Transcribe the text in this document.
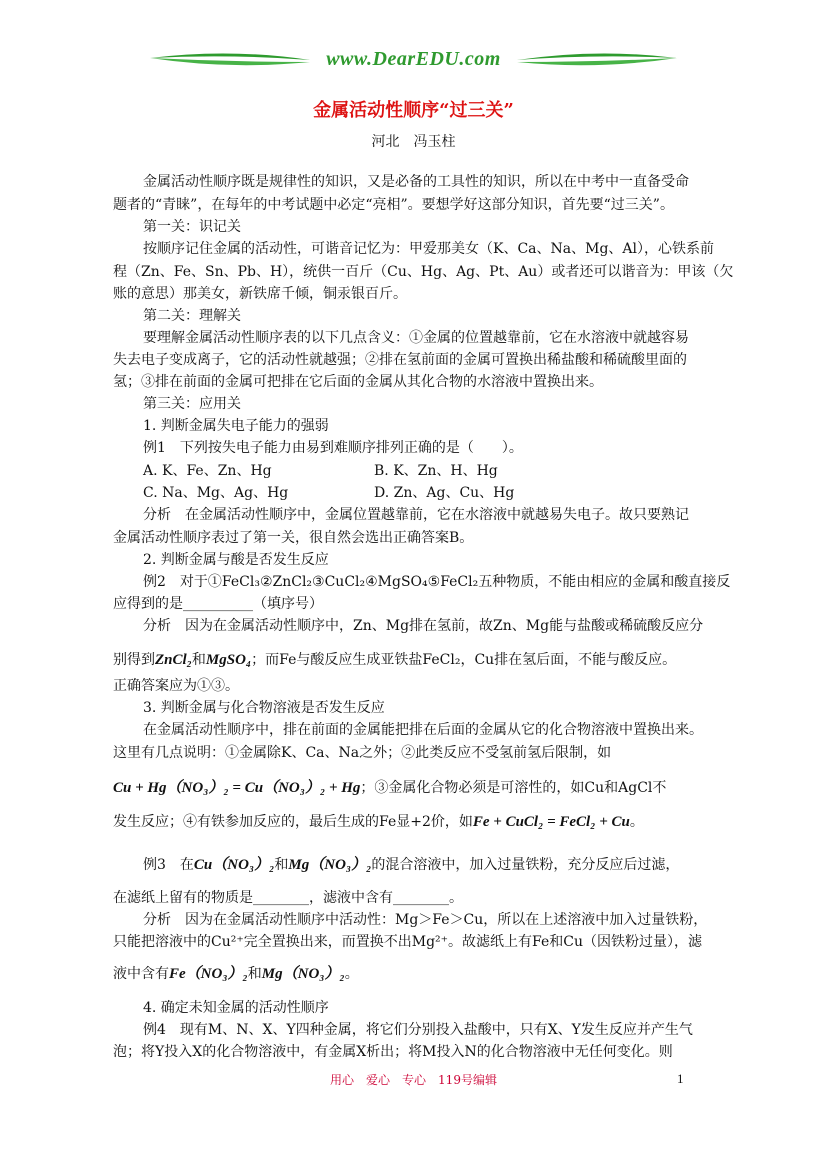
www.DearEDU.com
金属活动性顺序“过三关”
河北　冯玉柱
金属活动性顺序既是规律性的知识，又是必备的工具性的知识，所以在中考中一直备受命
题者的“青睐”，在每年的中考试题中必定“亮相”。要想学好这部分知识，首先要“过三关”。
第一关：识记关
按顺序记住金属的活动性，可谐音记忆为：甲爱那美女（K、Ca、Na、Mg、Al），心铁系前
程（Zn、Fe、Sn、Pb、H），统供一百斤（Cu、Hg、Ag、Pt、Au）或者还可以谐音为：甲该（欠
账的意思）那美女，新铁席千倾，铜汞银百斤。
第二关：理解关
要理解金属活动性顺序表的以下几点含义：①金属的位置越靠前，它在水溶液中就越容易
失去电子变成离子，它的活动性就越强；②排在氢前面的金属可置换出稀盐酸和稀硫酸里面的
氢；③排在前面的金属可把排在它后面的金属从其化合物的水溶液中置换出来。
第三关：应用关
1. 判断金属失电子能力的强弱
例1　下列按失电子能力由易到难顺序排列正确的是（　　）。
A. K、Fe、Zn、Hg	B. K、Zn、H、Hg
C. Na、Mg、Ag、Hg	D. Zn、Ag、Cu、Hg
分析　在金属活动性顺序中，金属位置越靠前，它在水溶液中就越易失电子。故只要熟记
金属活动性顺序表过了第一关，很自然会选出正确答案B。
2. 判断金属与酸是否发生反应
例2　对于①FeCl₃②ZnCl₂③CuCl₂④MgSO₄⑤FeCl₂五种物质，不能由相应的金属和酸直接反
应得到的是__________（填序号）
分析　因为在金属活动性顺序中，Zn、Mg排在氢前，故Zn、Mg能与盐酸或稀硫酸反应分
别得到ZnCl₂和MgSO₄；而Fe与酸反应生成亚铁盐FeCl₂，Cu排在氢后面，不能与酸反应。
正确答案应为①③。
3. 判断金属与化合物溶液是否发生反应
在金属活动性顺序中，排在前面的金属能把排在后面的金属从它的化合物溶液中置换出来。
这里有几点说明：①金属除K、Ca、Na之外；②此类反应不受氢前氢后限制，如
Cu + Hg（NO₃）₂ = Cu（NO₃）₂ + Hg；③金属化合物必须是可溶性的，如Cu和AgCl不
发生反应；④有铁参加反应的，最后生成的Fe显+2价，如Fe + CuCl₂ = FeCl₂ + Cu。
例3　在Cu（NO₃）₂和Mg（NO₃）₂的混合溶液中，加入过量铁粉，充分反应后过滤，
在滤纸上留有的物质是________，滤液中含有________。
分析　因为在金属活动性顺序中活动性：Mg＞Fe＞Cu，所以在上述溶液中加入过量铁粉，
只能把溶液中的Cu²⁺完全置换出来，而置换不出Mg²⁺。故滤纸上有Fe和Cu（因铁粉过量），滤
液中含有Fe（NO₃）₂和Mg（NO₃）₂。
4. 确定未知金属的活动性顺序
例4　现有M、N、X、Y四种金属，将它们分别投入盐酸中，只有X、Y发生反应并产生气
泡；将Y投入X的化合物溶液中，有金属X析出；将M投入N的化合物溶液中无任何变化。则
用心　爱心　专心　119号编辑	1
